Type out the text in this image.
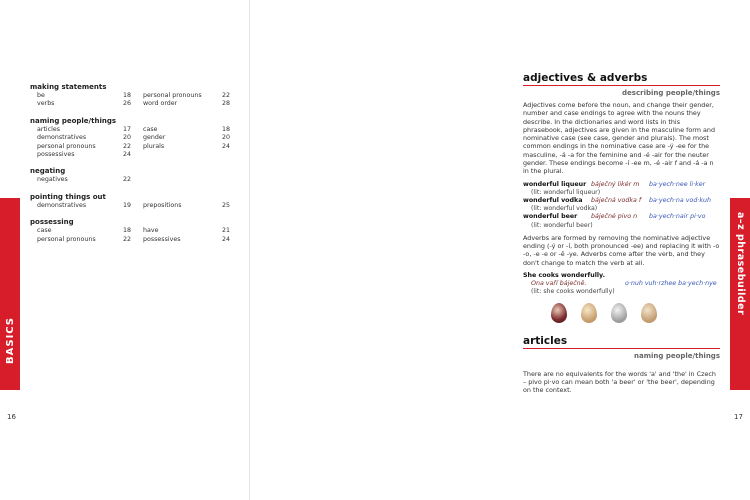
making statements
be	18	personal pronouns	22
verbs	26	word order	28
naming people/things
articles	17	case	18
demonstratives	20	gender	20
personal pronouns	22	plurals	24
possessives	24
negating
negatives	22
pointing things out
demonstratives	19	prepositions	25
possessing
case	18	have	21
personal pronouns	22	possessives	24
BASICS
16
adjectives & adverbs
describing people/things

Adjectives come before the noun, and change their gender, number and case endings to agree with the nouns they describe. In the dictionaries and word lists in this phrasebook, adjectives are given in the masculine form and nominative case (see case, gender and plurals). The most common endings in the nominative case are -ý -ee for the masculine, -á -a for the feminine and -é -air for the neuter gender. These endings become -í -ee m, -é -air f and -á -a n in the plural.

wonderful liqueur báječný likér m	ba·yech·nee li·ker
(lit: wonderful liqueur)
wonderful vodka	báječná vodka f	ba·yech·na vod·kuh
(lit: wonderful vodka)
wonderful beer	báječné pivo n	ba·yech·nair pi·vo
(lit: wonderful beer)

Adverbs are formed by removing the nominative adjective ending (-ý or -í, both pronounced -ee) and replacing it with -o -o, -e -e or -ě -ye. Adverbs come after the verb, and they don't change to match the verb at all.

She cooks wonderfully.
Ona vaří báječně.	o·nuh vuh·rzhee ba·yech·nye
(lit: she cooks wonderfully)
articles
naming people/things

There are no equivalents for the words 'a' and 'the' in Czech – pivo pi·vo can mean both 'a beer' or 'the beer', depending on the context.

a–z phrasebuilder
17
